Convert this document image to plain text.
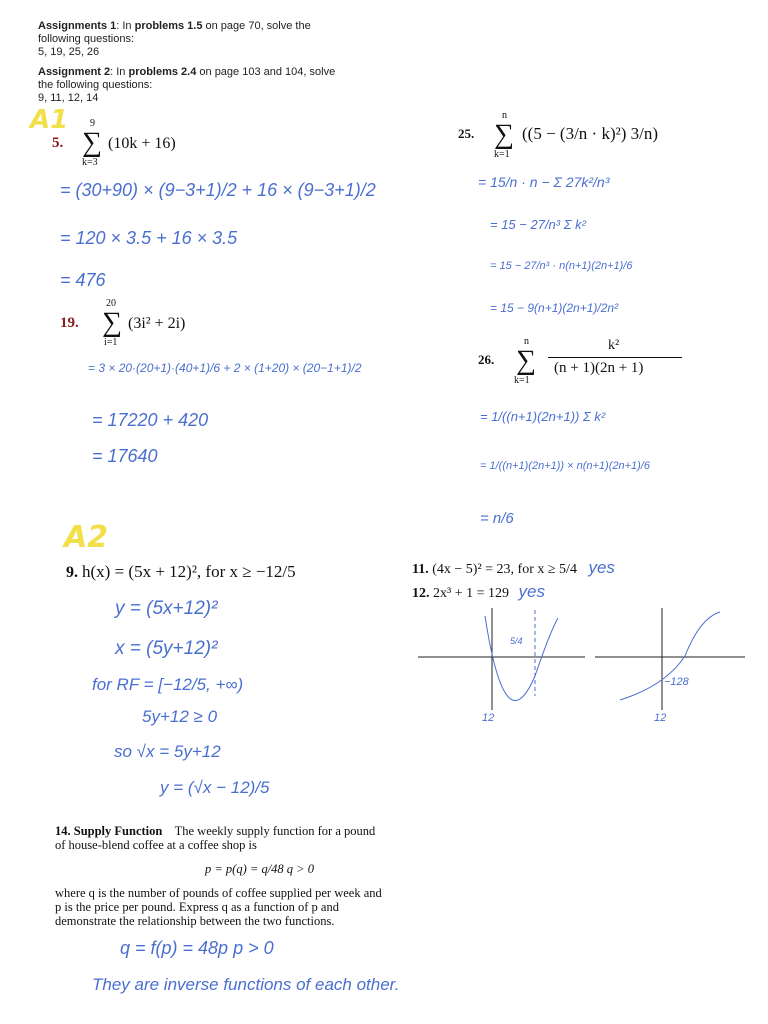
Assignments 1: In problems 1.5 on page 70, solve the
following questions:
5, 19, 25, 26
Assignment 2: In problems 2.4 on page 103 and 104, solve
the following questions:
9, 11, 12, 14
A1
A2
5.
9
∑
k=3
(10k + 16)
19.
20
∑
i=1
(3i² + 2i)
25.
n
∑
k=1
((5 − (3/n · k)²) 3/n)
26.
n
∑
k=1
k²
(n + 1)(2n + 1)
= (30+90) × (9−3+1)/2 + 16 × (9−3+1)/2
= 120 × 3.5 + 16 × 3.5
= 476
= 3 × 20·(20+1)·(40+1)/6 + 2 × (1+20) × (20−1+1)/2
= 17220 + 420
= 17640
= 15/n · n − Σ 27k²/n³
= 15 − 27/n³ Σ k²
= 15 − 27/n³ · n(n+1)(2n+1)/6
= 15 − 9(n+1)(2n+1)/2n²
= 1/((n+1)(2n+1)) Σ k²
= 1/((n+1)(2n+1)) × n(n+1)(2n+1)/6
= n/6
9. h(x) = (5x + 12)², for x ≥ −12/5
y = (5x+12)²
x = (5y+12)²
for RF = [−12/5, +∞)
5y+12 ≥ 0
so √x = 5y+12
y = (√x − 12)/5
11. (4x − 5)² = 23, for x ≥ 5/4 yes
12. 2x³ + 1 = 129 yes
12
5/4
12
−128
14. Supply Function The weekly supply function for a pound
of house-blend coffee at a coffee shop is
p = p(q) = q/48 q > 0
where q is the number of pounds of coffee supplied per week and
p is the price per pound. Express q as a function of p and
demonstrate the relationship between the two functions.
q = f(p) = 48p p > 0
They are inverse functions of each other.
